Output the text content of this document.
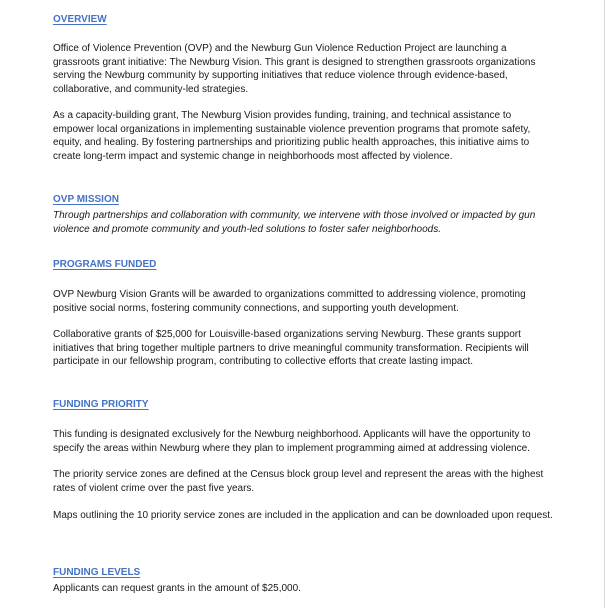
OVERVIEW

Office of Violence Prevention (OVP) and the Newburg Gun Violence Reduction Project are launching a grassroots grant initiative: The Newburg Vision. This grant is designed to strengthen grassroots organizations serving the Newburg community by supporting initiatives that reduce violence through evidence-based, collaborative, and community-led strategies.

As a capacity-building grant, The Newburg Vision provides funding, training, and technical assistance to empower local organizations in implementing sustainable violence prevention programs that promote safety, equity, and healing. By fostering partnerships and prioritizing public health approaches, this initiative aims to create long-term impact and systemic change in neighborhoods most affected by violence.

OVP MISSION

Through partnerships and collaboration with community, we intervene with those involved or impacted by gun violence and promote community and youth-led solutions to foster safer neighborhoods.

PROGRAMS FUNDED

OVP Newburg Vision Grants will be awarded to organizations committed to addressing violence, promoting positive social norms, fostering community connections, and supporting youth development.

Collaborative grants of $25,000 for Louisville-based organizations serving Newburg. These grants support initiatives that bring together multiple partners to drive meaningful community transformation. Recipients will participate in our fellowship program, contributing to collective efforts that create lasting impact.

FUNDING PRIORITY

This funding is designated exclusively for the Newburg neighborhood. Applicants will have the opportunity to specify the areas within Newburg where they plan to implement programming aimed at addressing violence.

The priority service zones are defined at the Census block group level and represent the areas with the highest rates of violent crime over the past five years.

Maps outlining the 10 priority service zones are included in the application and can be downloaded upon request.

FUNDING LEVELS

Applicants can request grants in the amount of $25,000.
